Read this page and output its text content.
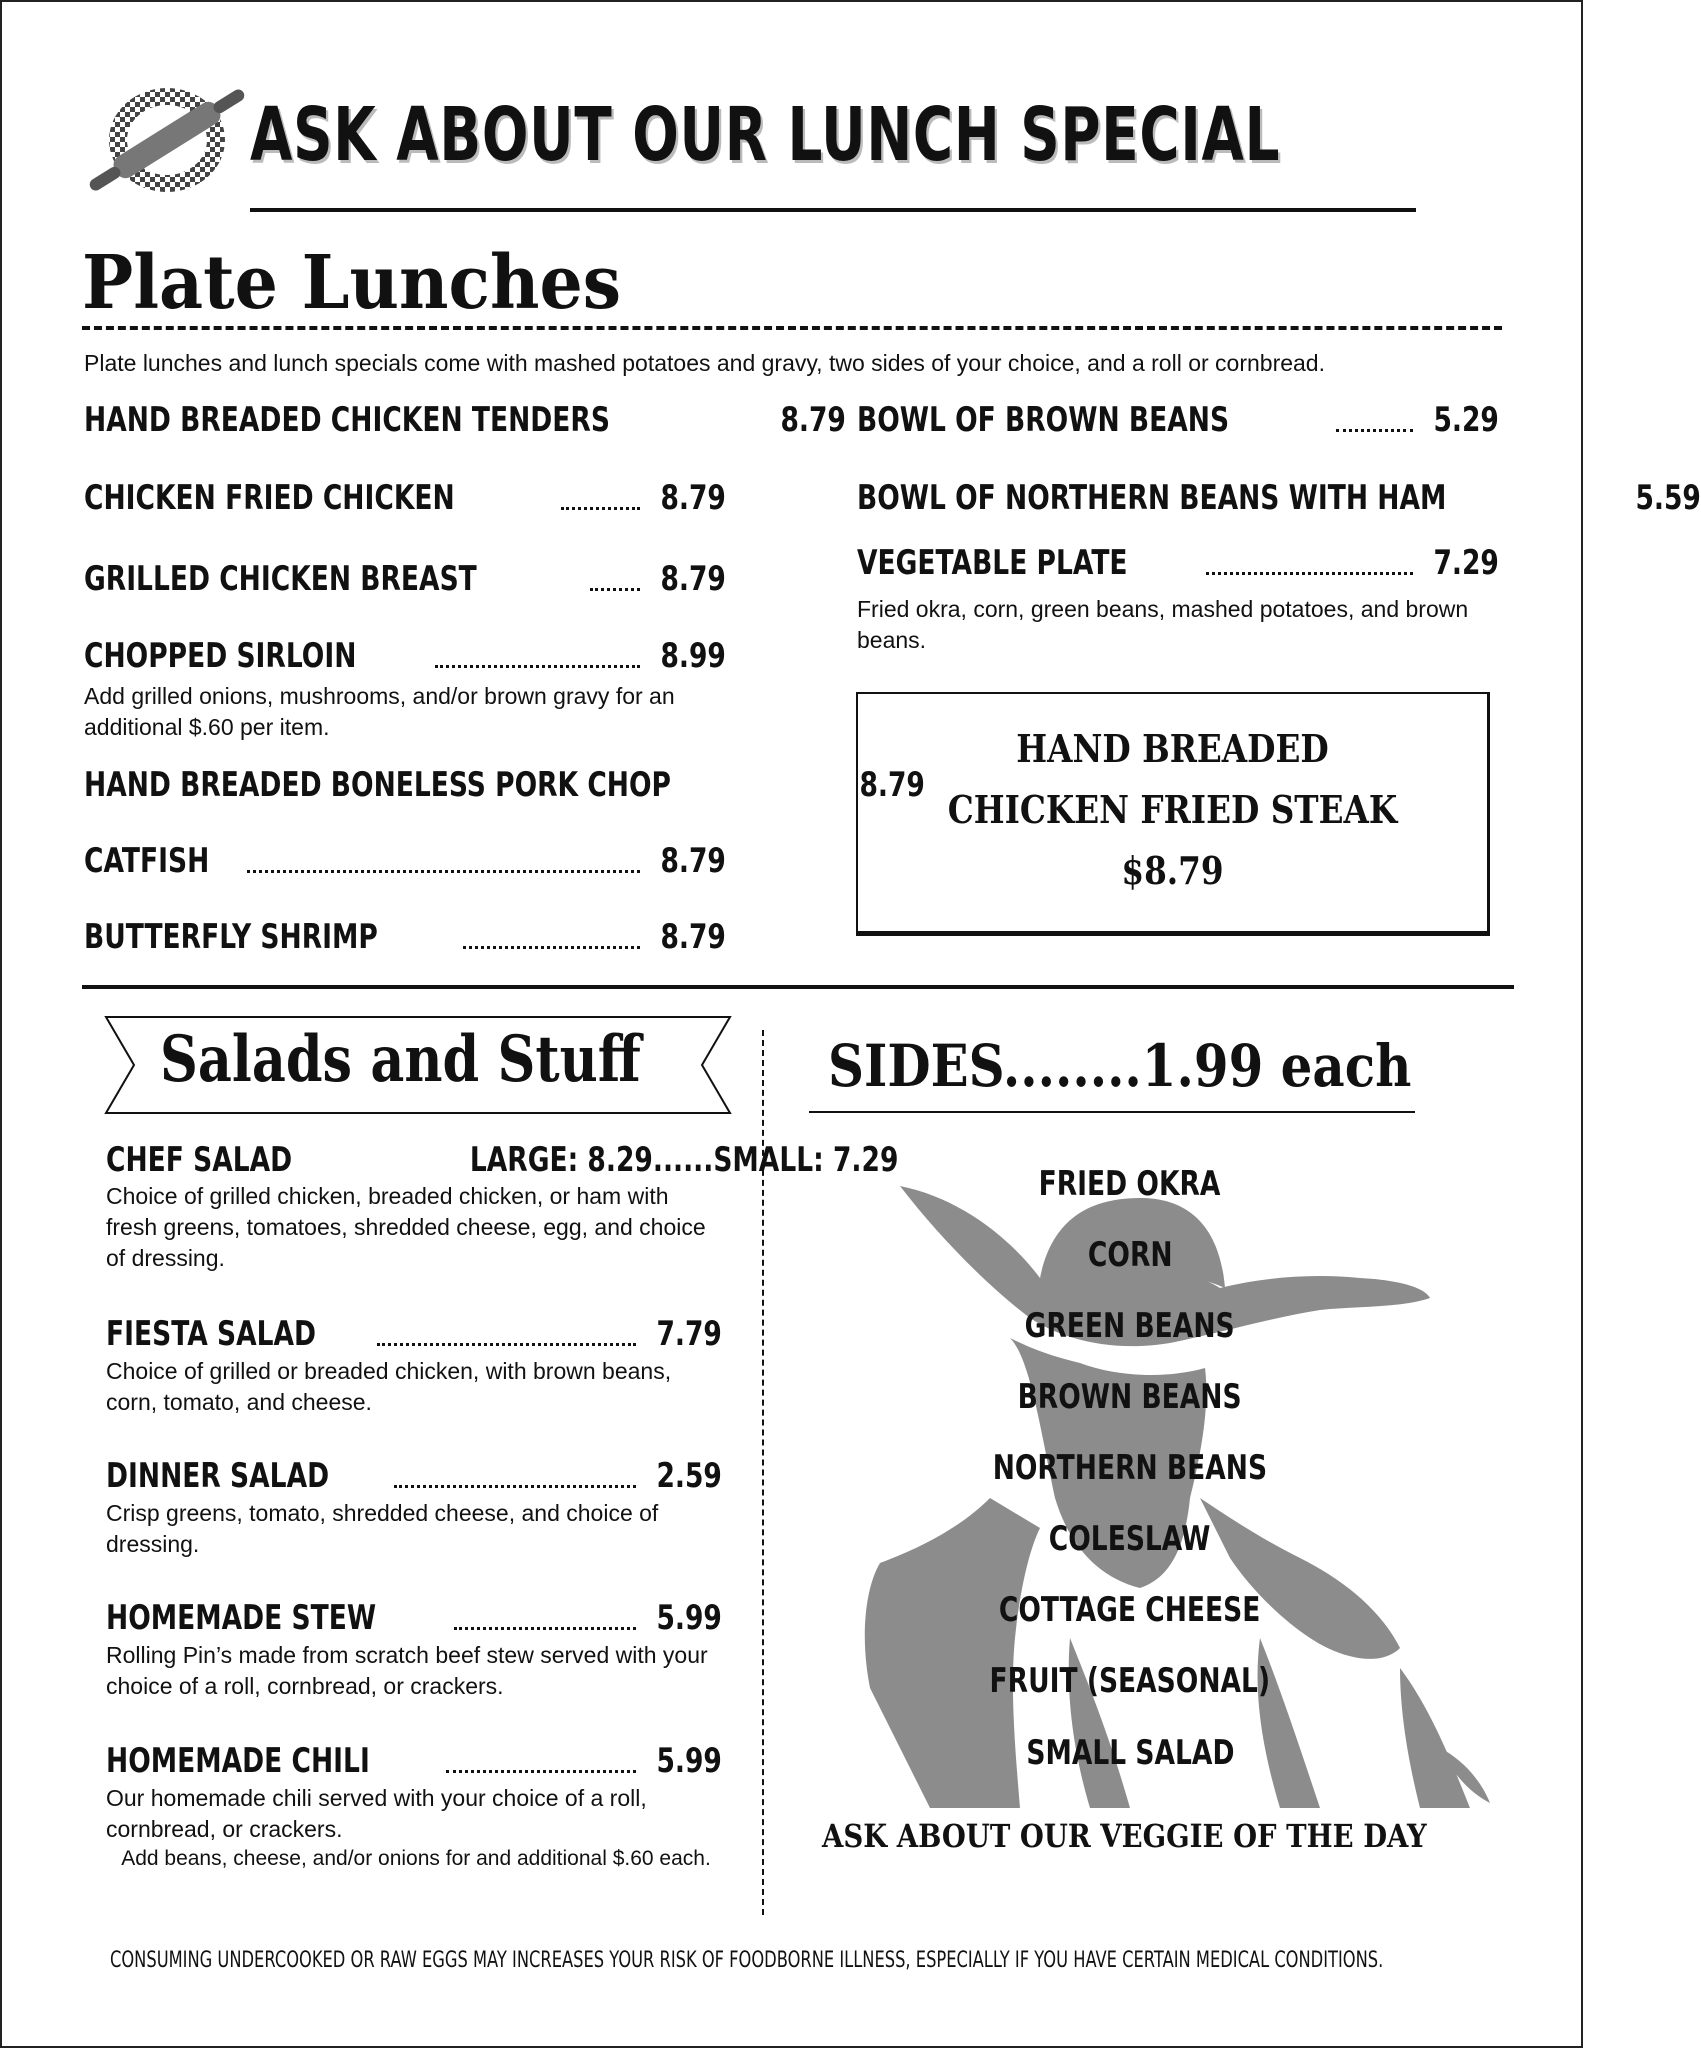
ASK ABOUT OUR LUNCH SPECIAL
Plate Lunches
Plate lunches and lunch specials come with mashed potatoes and gravy, two sides of your choice, and a roll or cornbread.
HAND BREADED CHICKEN TENDERS	8.79
CHICKEN FRIED CHICKEN	8.79
GRILLED CHICKEN BREAST	8.79
CHOPPED SIRLOIN	8.99
Add grilled onions, mushrooms, and/or brown gravy for an additional $.60 per item.
HAND BREADED BONELESS PORK CHOP	8.79
CATFISH	8.79
BUTTERFLY SHRIMP	8.79
BOWL OF BROWN BEANS	5.29
BOWL OF NORTHERN BEANS WITH HAM	5.59
VEGETABLE PLATE	7.29
Fried okra, corn, green beans, mashed potatoes, and brown beans.
HAND BREADED
CHICKEN FRIED STEAK
$8.79
Salads and Stuff
CHEF SALAD	LARGE: 8.29......SMALL: 7.29
Choice of grilled chicken, breaded chicken, or ham with fresh greens, tomatoes, shredded cheese, egg, and choice of dressing.
FIESTA SALAD	7.79
Choice of grilled or breaded chicken, with brown beans, corn, tomato, and cheese.
DINNER SALAD	2.59
Crisp greens, tomato, shredded cheese, and choice of dressing.
HOMEMADE STEW	5.99
Rolling Pin’s made from scratch beef stew served with your choice of a roll, cornbread, or crackers.
HOMEMADE CHILI	5.99
Our homemade chili served with your choice of a roll, cornbread, or crackers.
Add beans, cheese, and/or onions for and additional $.60 each.
SIDES........1.99 each
FRIED OKRA
CORN
GREEN BEANS
BROWN BEANS
NORTHERN BEANS
COLESLAW
COTTAGE CHEESE
FRUIT (SEASONAL)
SMALL SALAD
ASK ABOUT OUR VEGGIE OF THE DAY
CONSUMING UNDERCOOKED OR RAW EGGS MAY INCREASES YOUR RISK OF FOODBORNE ILLNESS, ESPECIALLY IF YOU HAVE CERTAIN MEDICAL CONDITIONS.
